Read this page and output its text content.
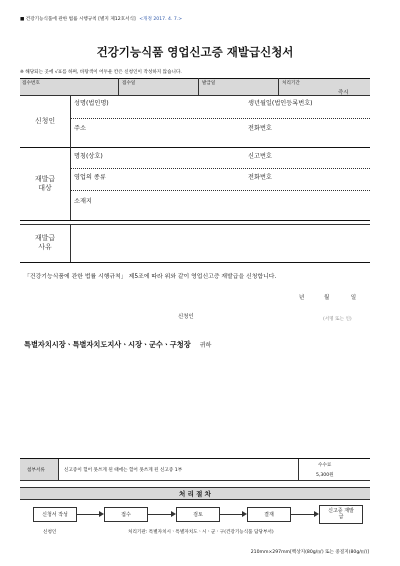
■ 건강기능식품에 관한 법률 시행규칙 [별지 제12호서식] <개정 2017. 4. 7.>
건강기능식품 영업신고증 재발급신청서
※ 해당되는 곳에 √표를 하며, 바탕색이 어두운 칸은 신청인이 작성하지 않습니다.
접수번호	접수일	발급일	처리기간
즉시
신청인
성명(법인명)	생년월일(법인등록번호)
주소	전화번호
재발급
대상
명칭(상호)	신고번호
영업의 종류	전화번호
소재지
재발급
사유
「건강기능식품에 관한 법률 시행규칙」 제5조에 따라 위와 같이 영업신고증 재발급을 신청합니다.
년	월	일
신청인	(서명 또는 인)
특별자치시장ㆍ특별자치도지사ㆍ시장ㆍ군수ㆍ구청장 귀하
첨부서류	신고증이 헐어 못쓰게 된 때에는 헐어 못쓰게 된 신고증 1부
수수료
5,300원
처 리 절 차
신청서 작성	접수	검토	결재
신고증 재발급
신청인	처리기관: 특별자치시ㆍ특별자치도ㆍ시ㆍ군ㆍ구(건강기능식품 담당부서)
210mm×297mm[백상지(80g/㎡) 또는 중질지(80g/㎡)]
